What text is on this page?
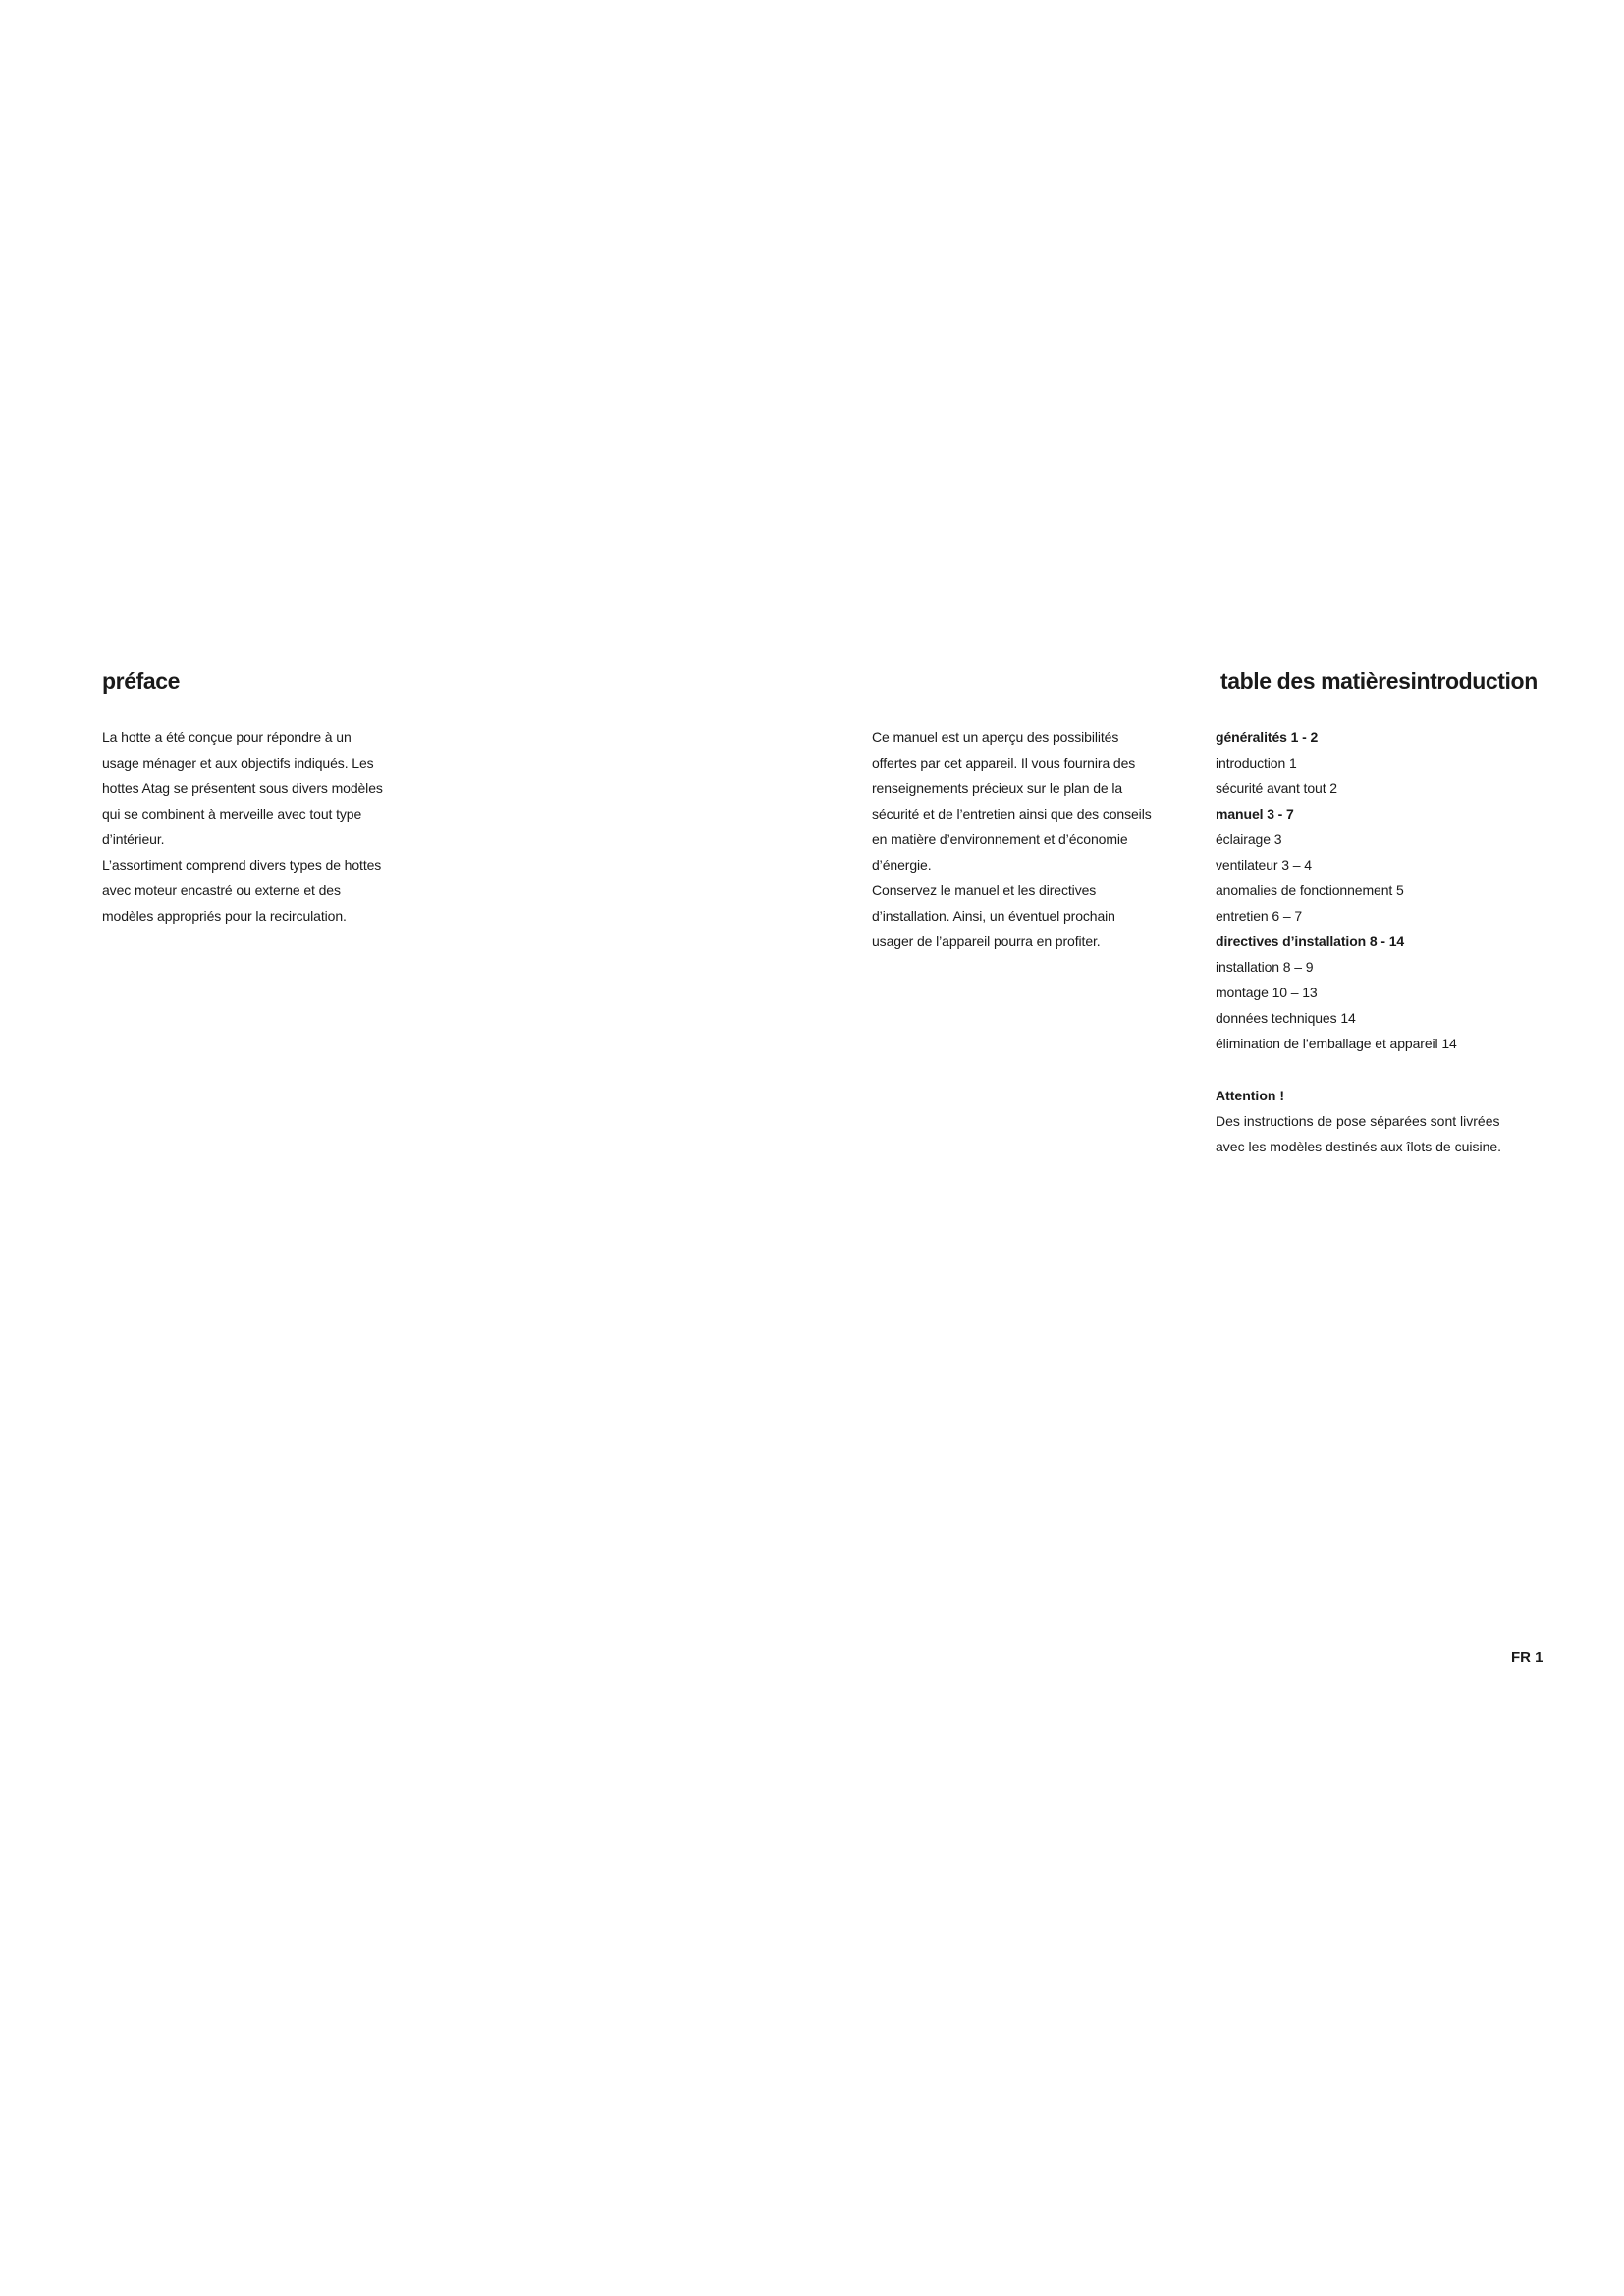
préface
La hotte a été conçue pour répondre à un
usage ménager et aux objectifs indiqués. Les
hottes Atag se présentent sous divers modèles
qui se combinent à merveille avec tout type
d’intérieur.
L’assortiment comprend divers types de hottes
avec moteur encastré ou externe et des
modèles appropriés pour la recirculation.
Ce manuel est un aperçu des possibilités
offertes par cet appareil. Il vous fournira des
renseignements précieux sur le plan de la
sécurité et de l’entretien ainsi que des conseils
en matière d’environnement et d’économie
d’énergie.
Conservez le manuel et les directives
d’installation. Ainsi, un éventuel prochain
usager de l’appareil pourra en profiter.
table des matièresintroduction
généralités 1 - 2
introduction 1
sécurité avant tout 2
manuel 3 - 7
éclairage 3
ventilateur 3 – 4
anomalies de fonctionnement 5
entretien 6 – 7
directives d’installation 8 - 14
installation 8 – 9
montage 10 – 13
données techniques 14
élimination de l’emballage et appareil 14
Attention !
Des instructions de pose séparées sont livrées
avec les modèles destinés aux îlots de cuisine.
FR 1
